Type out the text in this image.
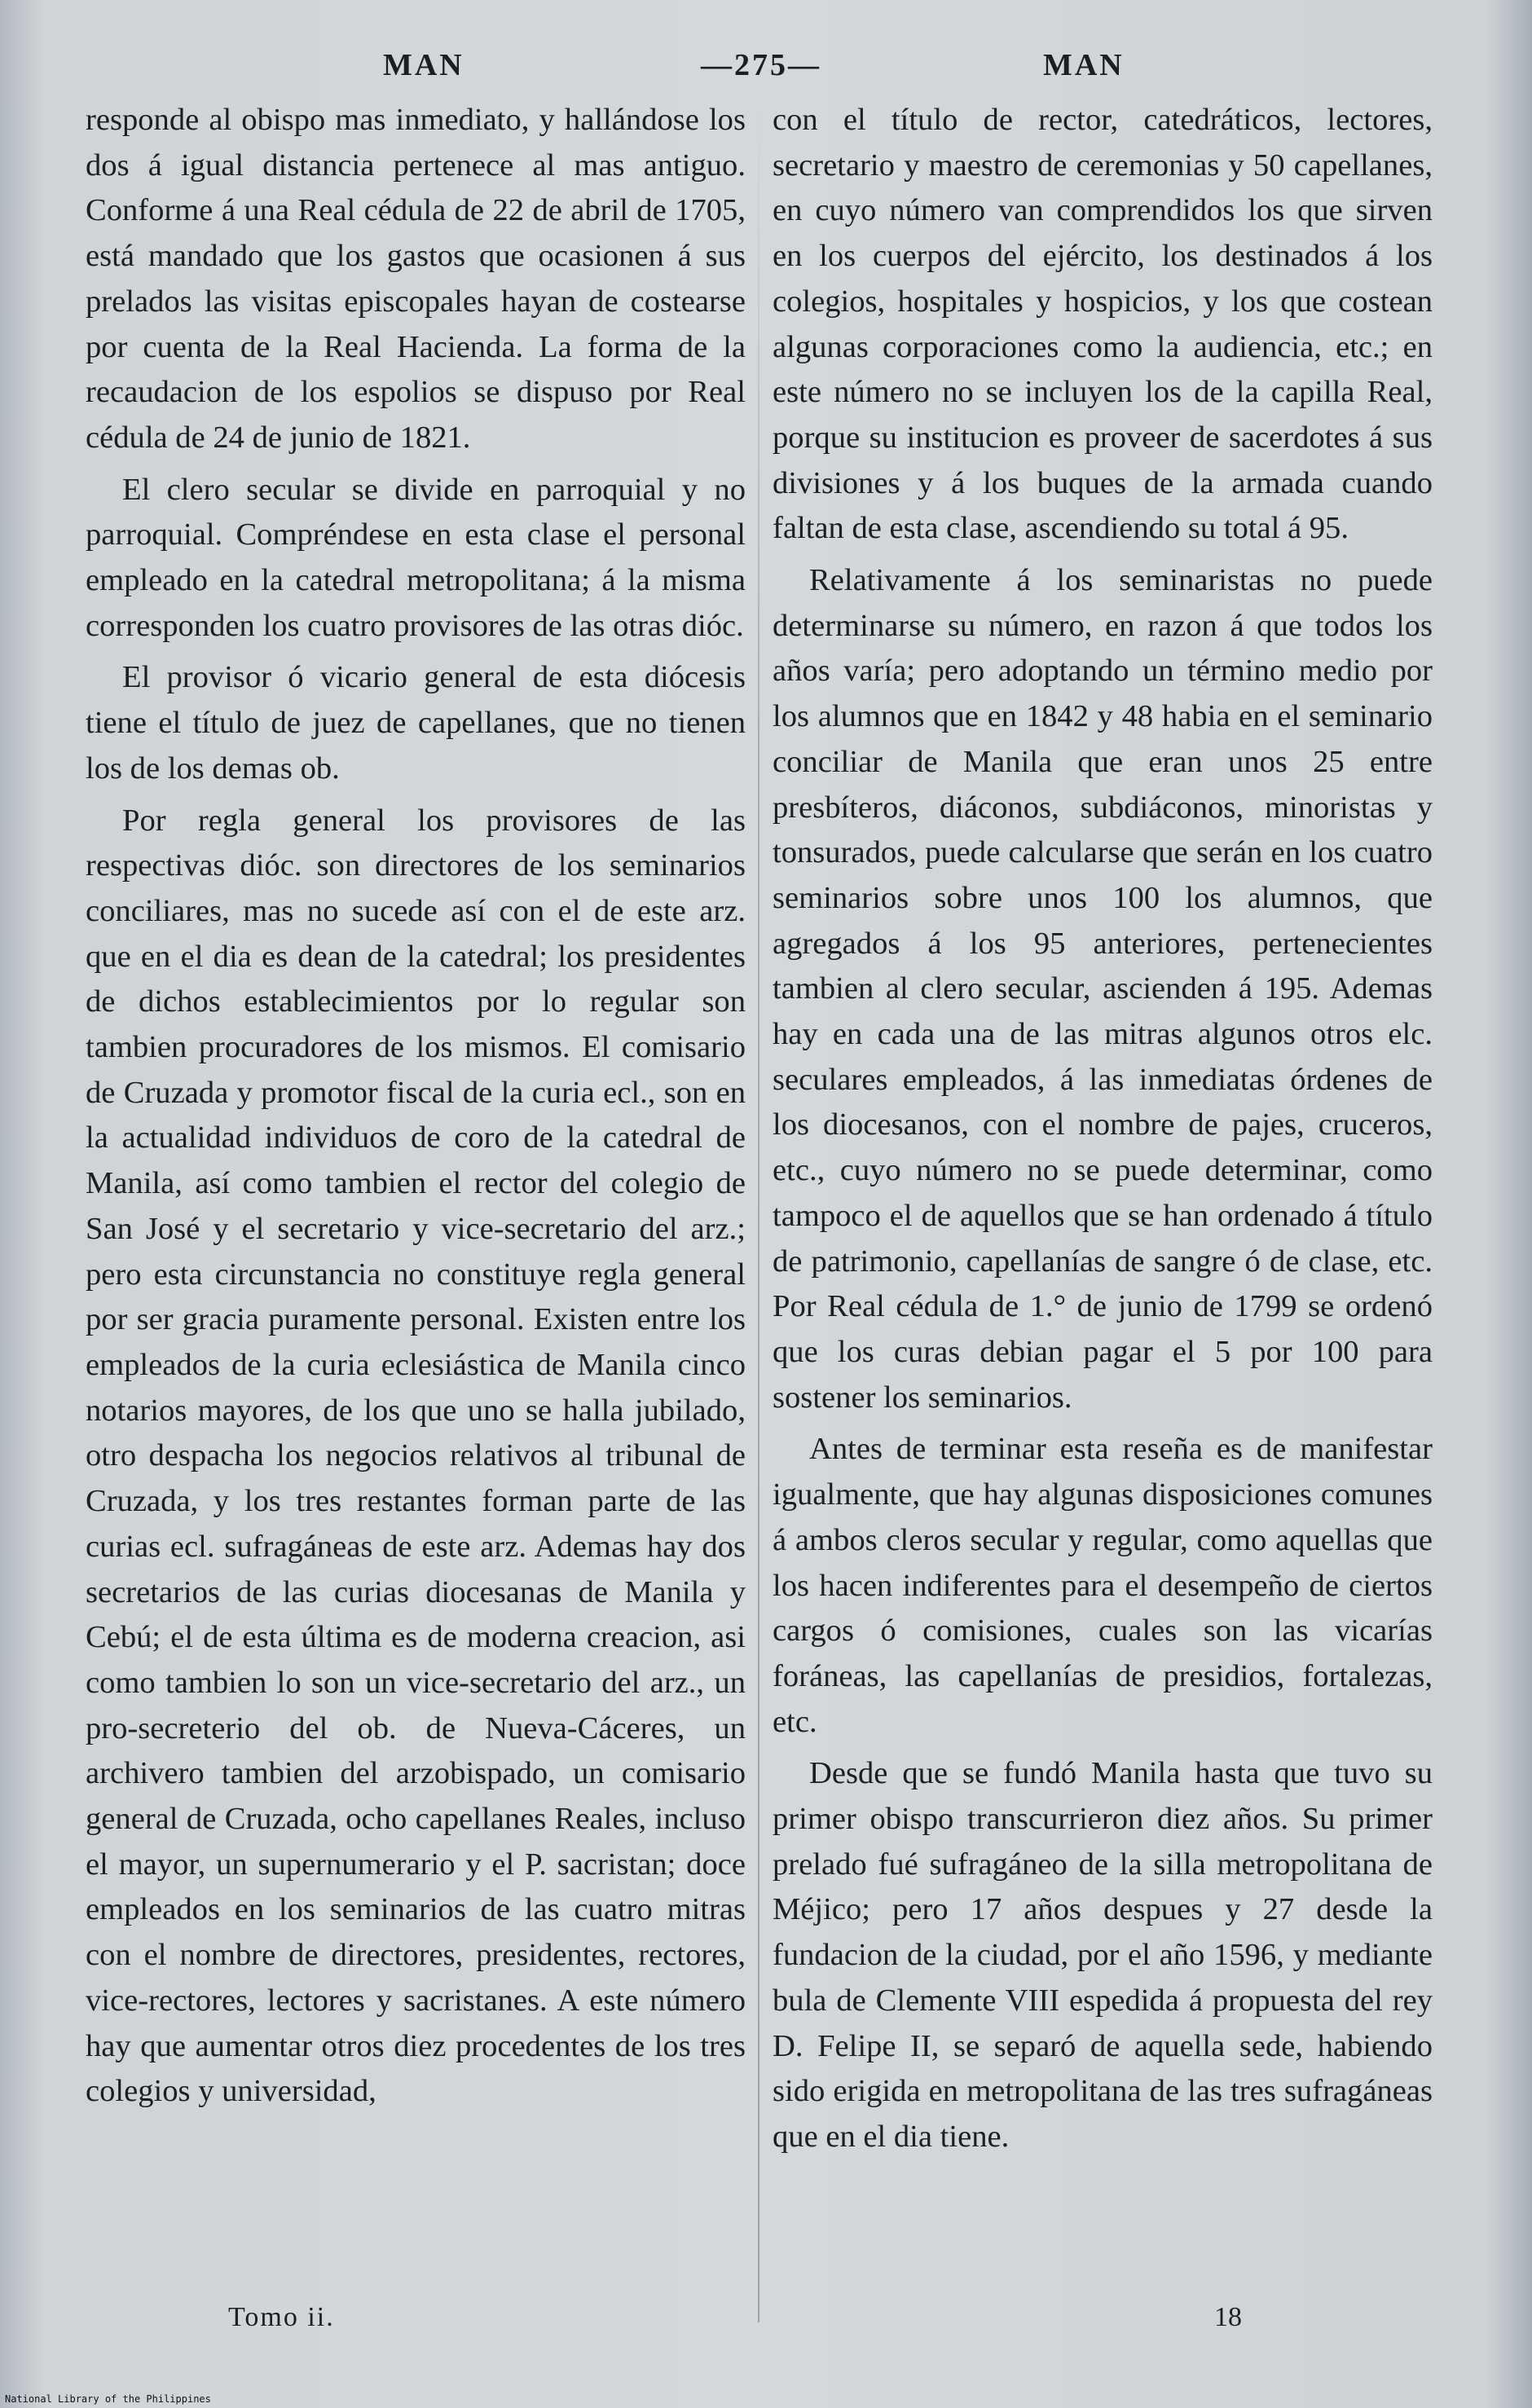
MAN	—275—	MAN

responde al obispo mas inmediato, y hallándose los dos á igual distancia pertenece al mas antiguo. Conforme á una Real cédula de 22 de abril de 1705, está mandado que los gastos que ocasionen á sus prelados las visitas episcopales hayan de costearse por cuenta de la Real Hacienda. La forma de la recaudacion de los espolios se dispuso por Real cédula de 24 de junio de 1821.

El clero secular se divide en parroquial y no parroquial. Compréndese en esta clase el personal empleado en la catedral metropolitana; á la misma corresponden los cuatro provisores de las otras dióc.

El provisor ó vicario general de esta diócesis tiene el título de juez de capellanes, que no tienen los de los demas ob.

Por regla general los provisores de las respectivas dióc. son directores de los seminarios conciliares, mas no sucede así con el de este arz. que en el dia es dean de la catedral; los presidentes de dichos establecimientos por lo regular son tambien procuradores de los mismos. El comisario de Cruzada y promotor fiscal de la curia ecl., son en la actualidad individuos de coro de la catedral de Manila, así como tambien el rector del colegio de San José y el secretario y vice-secretario del arz.; pero esta circunstancia no constituye regla general por ser gracia puramente personal. Existen entre los empleados de la curia eclesiástica de Manila cinco notarios mayores, de los que uno se halla jubilado, otro despacha los negocios relativos al tribunal de Cruzada, y los tres restantes forman parte de las curias ecl. sufragáneas de este arz. Ademas hay dos secretarios de las curias diocesanas de Manila y Cebú; el de esta última es de moderna creacion, asi como tambien lo son un vice-secretario del arz., un pro-secreterio del ob. de Nueva-Cáceres, un archivero tambien del arzobispado, un comisario general de Cruzada, ocho capellanes Reales, incluso el mayor, un supernumerario y el P. sacristan; doce empleados en los seminarios de las cuatro mitras con el nombre de directores, presidentes, rectores, vice-rectores, lectores y sacristanes. A este número hay que aumentar otros diez procedentes de los tres colegios y universidad,

con el título de rector, catedráticos, lectores, secretario y maestro de ceremonias y 50 capellanes, en cuyo número van comprendidos los que sirven en los cuerpos del ejército, los destinados á los colegios, hospitales y hospicios, y los que costean algunas corporaciones como la audiencia, etc.; en este número no se incluyen los de la capilla Real, porque su institucion es proveer de sacerdotes á sus divisiones y á los buques de la armada cuando faltan de esta clase, ascendiendo su total á 95.

Relativamente á los seminaristas no puede determinarse su número, en razon á que todos los años varía; pero adoptando un término medio por los alumnos que en 1842 y 48 habia en el seminario conciliar de Manila que eran unos 25 entre presbíteros, diáconos, subdiáconos, minoristas y tonsurados, puede calcularse que serán en los cuatro seminarios sobre unos 100 los alumnos, que agregados á los 95 anteriores, pertenecientes tambien al clero secular, ascienden á 195. Ademas hay en cada una de las mitras algunos otros elc. seculares empleados, á las inmediatas órdenes de los diocesanos, con el nombre de pajes, cruceros, etc., cuyo número no se puede determinar, como tampoco el de aquellos que se han ordenado á título de patrimonio, capellanías de sangre ó de clase, etc. Por Real cédula de 1.° de junio de 1799 se ordenó que los curas debian pagar el 5 por 100 para sostener los seminarios.

Antes de terminar esta reseña es de manifestar igualmente, que hay algunas disposiciones comunes á ambos cleros secular y regular, como aquellas que los hacen indiferentes para el desempeño de ciertos cargos ó comisiones, cuales son las vicarías foráneas, las capellanías de presidios, fortalezas, etc.

Desde que se fundó Manila hasta que tuvo su primer obispo transcurrieron diez años. Su primer prelado fué sufragáneo de la silla metropolitana de Méjico; pero 17 años despues y 27 desde la fundacion de la ciudad, por el año 1596, y mediante bula de Clemente VIII espedida á propuesta del rey D. Felipe II, se separó de aquella sede, habiendo sido erigida en metropolitana de las tres sufragáneas que en el dia tiene.

Tomo ii.	18
National Library of the Philippines
